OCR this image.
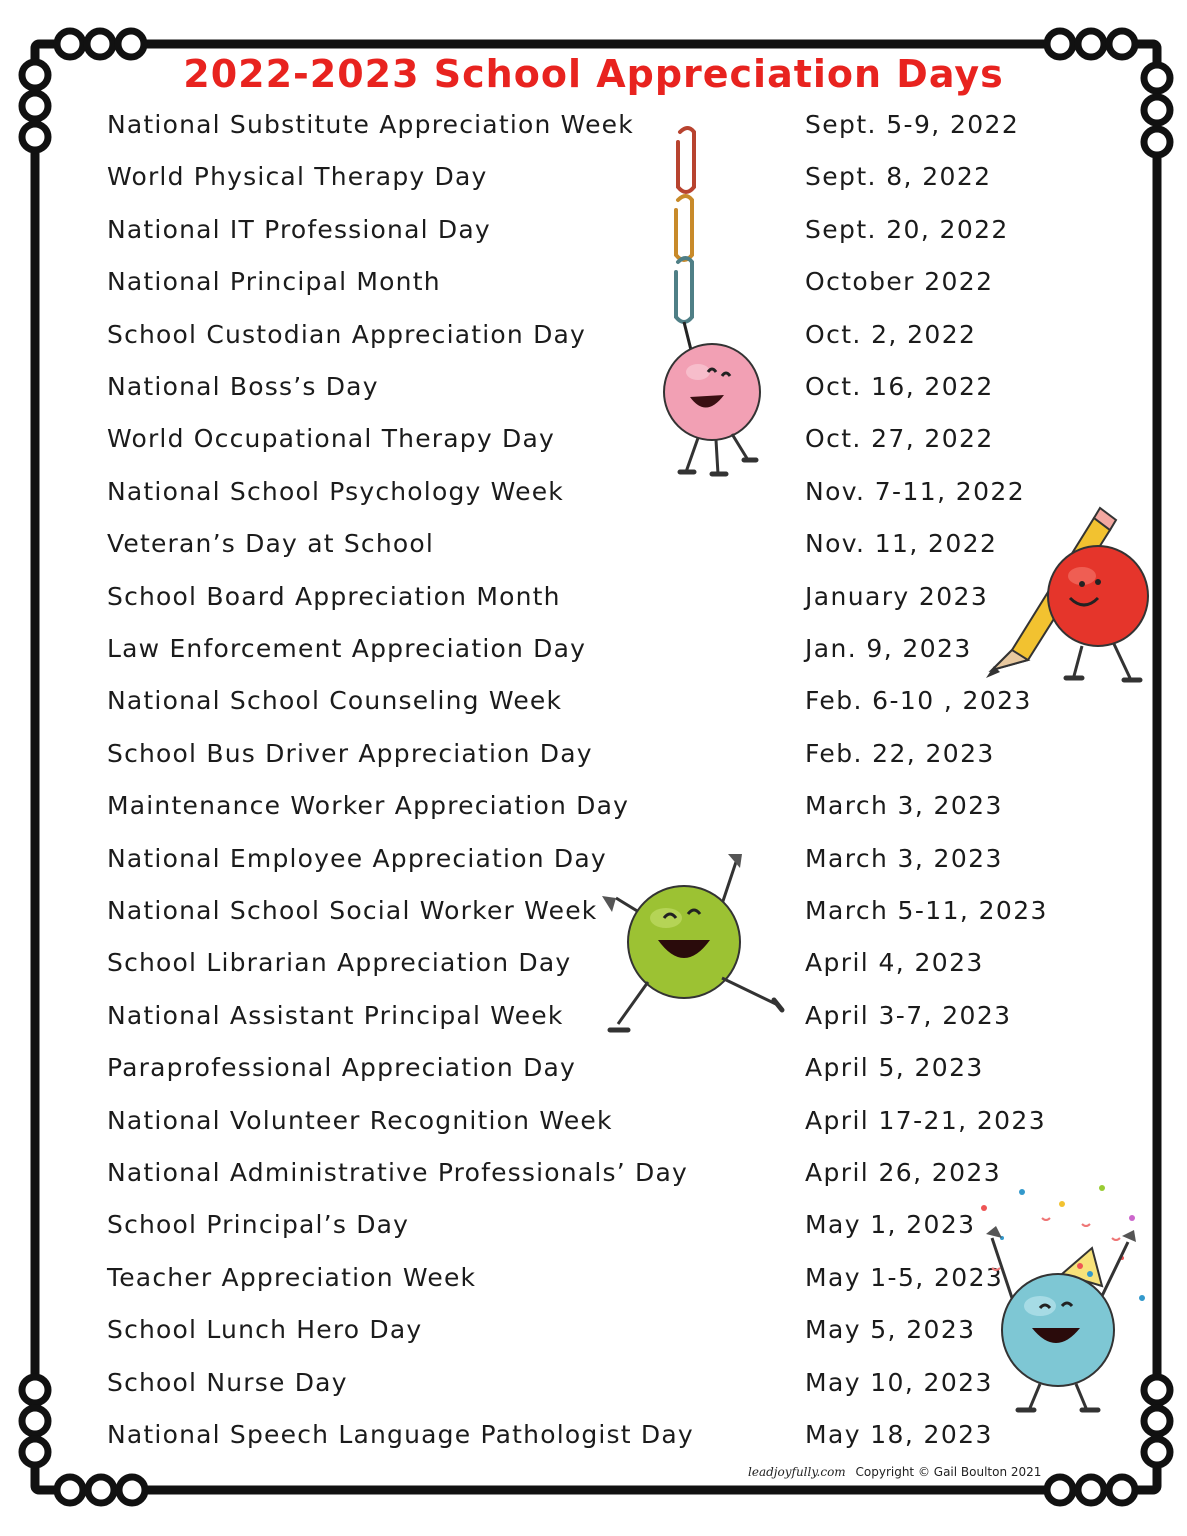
2022-2023 School Appreciation Days
National Substitute Appreciation Week	Sept. 5-9, 2022
World Physical Therapy Day	Sept. 8, 2022
National IT Professional Day	Sept. 20, 2022
National Principal Month	October 2022
School Custodian Appreciation Day	Oct. 2, 2022
National Boss’s Day	Oct. 16, 2022
World Occupational Therapy Day	Oct. 27, 2022
National School Psychology Week	Nov. 7-11, 2022
Veteran’s Day at School	Nov. 11, 2022
School Board Appreciation Month	January 2023
Law Enforcement Appreciation Day	Jan. 9, 2023
National School Counseling Week	Feb. 6-10 , 2023
School Bus Driver Appreciation Day	Feb. 22, 2023
Maintenance Worker Appreciation Day	March 3, 2023
National Employee Appreciation Day	March 3, 2023
National School Social Worker Week	March 5-11, 2023
School Librarian Appreciation Day	April 4, 2023
National Assistant Principal Week	April 3-7, 2023
Paraprofessional Appreciation Day	April 5, 2023
National Volunteer Recognition Week	April 17-21, 2023
National Administrative Professionals’ Day	April 26, 2023
School Principal’s Day	May 1, 2023
Teacher Appreciation Week	May 1-5, 2023
School Lunch Hero Day	May 5, 2023
School Nurse Day	May 10, 2023
National Speech Language Pathologist Day	May 18, 2023
leadjoyfully.com Copyright © Gail Boulton 2021
